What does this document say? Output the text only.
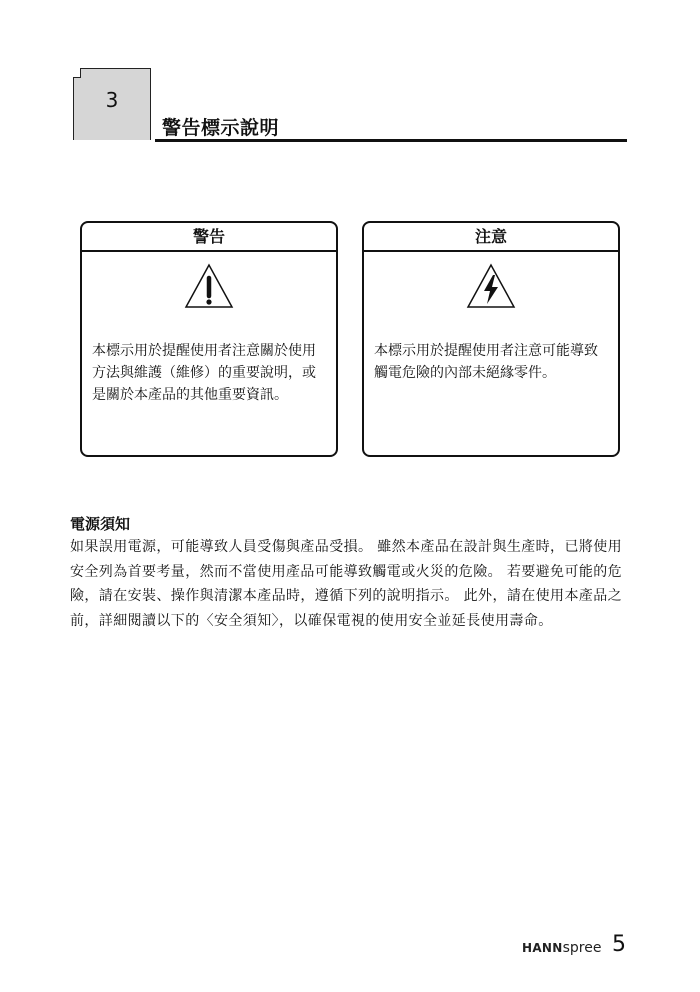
3
警告標示說明
警告
本標示用於提醒使用者注意關於使用方法與維護（維修）的重要說明，或是關於本產品的其他重要資訊。
注意
本標示用於提醒使用者注意可能導致觸電危險的內部未絕緣零件。
電源須知
如果誤用電源，可能導致人員受傷與產品受損。 雖然本產品在設計與生產時，已將使用安全列為首要考量，然而不當使用產品可能導致觸電或火災的危險。 若要避免可能的危險，請在安裝、操作與清潔本產品時，遵循下列的說明指示。 此外，請在使用本產品之前，詳細閱讀以下的〈安全須知〉，以確保電視的使用安全並延長使用壽命。
HANNspree 5
